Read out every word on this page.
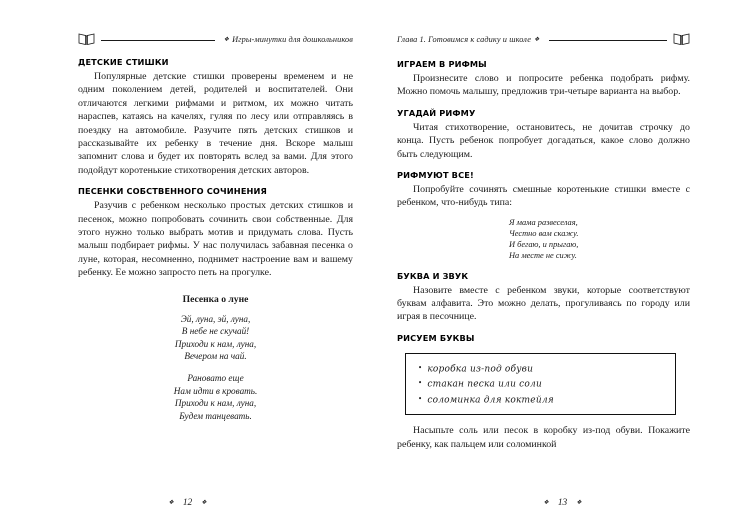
❖ Игры-минутки для дошкольников
ДЕТСКИЕ СТИШКИ

Популярные детские стишки проверены временем и не одним поколением детей, родителей и воспитателей. Они отличаются легкими рифмами и ритмом, их можно читать нараспев, катаясь на качелях, гуляя по лесу или отправляясь в поездку на автомобиле. Разучите пять детских стишков и рассказывайте их ребенку в течение дня. Вскоре малыш запомнит слова и будет их повторять вслед за вами. Для этого подойдут коротенькие стихотворения детских авторов.

ПЕСЕНКИ СОБСТВЕННОГО СОЧИНЕНИЯ

Разучив с ребенком несколько простых детских стишков и песенок, можно попробовать сочинить свои собственные. Для этого нужно только выбрать мотив и придумать слова. Пусть малыш подбирает рифмы. У нас получилась забавная песенка о луне, которая, несомненно, поднимет настроение вам и вашему ребенку. Ее можно запросто петь на прогулке.

Песенка о луне
Эй, луна, эй, луна,
В небе не скучай!
Приходи к нам, луна,
Вечером на чай.
Рановато еще
Нам идти в кровать.
Приходи к нам, луна,
Будем танцевать.
❖ 12 ❖
Глава 1. Готовимся к садику и школе ❖
ИГРАЕМ В РИФМЫ

Произнесите слово и попросите ребенка подобрать рифму. Можно помочь малышу, предложив три-четыре варианта на выбор.

УГАДАЙ РИФМУ

Читая стихотворение, остановитесь, не дочитав строчку до конца. Пусть ребенок попробует догадаться, какое слово должно быть следующим.

РИФМУЮТ ВСЕ!

Попробуйте сочинять смешные коротенькие стишки вместе с ребенком, что-нибудь типа:

Я мама развеселая,
Честно вам скажу.
И бегаю, и прыгаю,
На месте не сижу.
БУКВА И ЗВУК

Назовите вместе с ребенком звуки, которые соответствуют буквам алфавита. Это можно делать, прогуливаясь по городу или играя в песочнице.

РИСУЕМ БУКВЫ
• коробка из-под обуви
• стакан песка или соли
• соломинка для коктейля

Насыпьте соль или песок в коробку из-под обуви. Покажите ребенку, как пальцем или соломинкой

❖ 13 ❖
